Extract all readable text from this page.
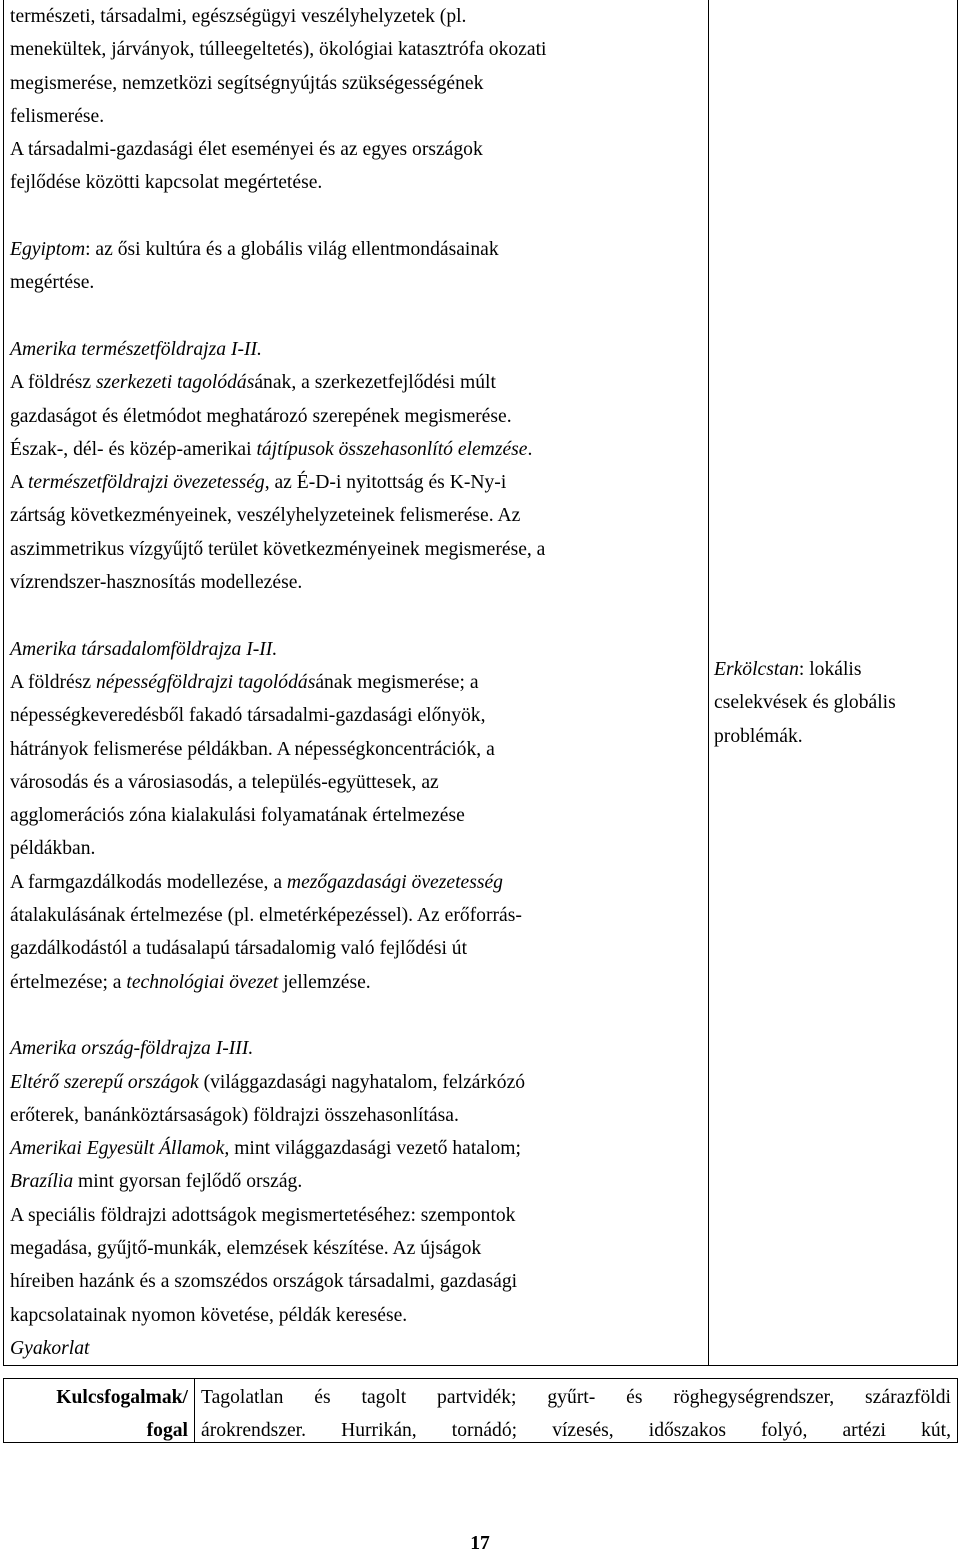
természeti, társadalmi, egészségügyi veszélyhelyzetek (pl.

menekültek, járványok, túlleegeltetés), ökológiai katasztrófa okozati

megismerése, nemzetközi segítségnyújtás szükségességének

felismerése.

A társadalmi-gazdasági élet eseményei és az egyes országok

fejlődése közötti kapcsolat megértetése.

Egyiptom: az ősi kultúra és a globális világ ellentmondásainak

megértése.

Amerika természetföldrajza I-II.

A földrész szerkezeti tagolódásának, a szerkezetfejlődési múlt

gazdaságot és életmódot meghatározó szerepének megismerése.

Észak-, dél- és közép-amerikai tájtípusok összehasonlító elemzése.

A természetföldrajzi övezetesség, az É-D-i nyitottság és K-Ny-i

zártság következményeinek, veszélyhelyzeteinek felismerése. Az

aszimmetrikus vízgyűjtő terület következményeinek megismerése, a

vízrendszer-hasznosítás modellezése.

Amerika társadalomföldrajza I-II.

A földrész népességföldrajzi tagolódásának megismerése; a

népességkeveredésből fakadó társadalmi-gazdasági előnyök,

hátrányok felismerése példákban. A népességkoncentrációk, a

városodás és a városiasodás, a település-együttesek, az

agglomerációs zóna kialakulási folyamatának értelmezése

példákban.

A farmgazdálkodás modellezése, a mezőgazdasági övezetesség

átalakulásának értelmezése (pl. elmetérképezéssel). Az erőforrás-

gazdálkodástól a tudásalapú társadalomig való fejlődési út

értelmezése; a technológiai övezet jellemzése.

Amerika ország-földrajza I-III.

Eltérő szerepű országok (világgazdasági nagyhatalom, felzárkózó

erőterek, banánköztársaságok) földrajzi összehasonlítása.

Amerikai Egyesült Államok, mint világgazdasági vezető hatalom;

Brazília mint gyorsan fejlődő ország.

A speciális földrajzi adottságok megismertetéséhez: szempontok

megadása, gyűjtő-munkák, elemzések készítése. Az újságok

híreiben hazánk és a szomszédos országok társadalmi, gazdasági

kapcsolatainak nyomon követése, példák keresése.

Gyakorlat

Erkölcstan: lokális cselekvések és globális problémák.

Kulcsfogalmak/
fogal
Tagolatlan és tagolt partvidék; gyűrt- és röghegységrendszer, szárazföldi
árokrendszer. Hurrikán, tornádó; vízesés, időszakos folyó, artézi kút,
17
